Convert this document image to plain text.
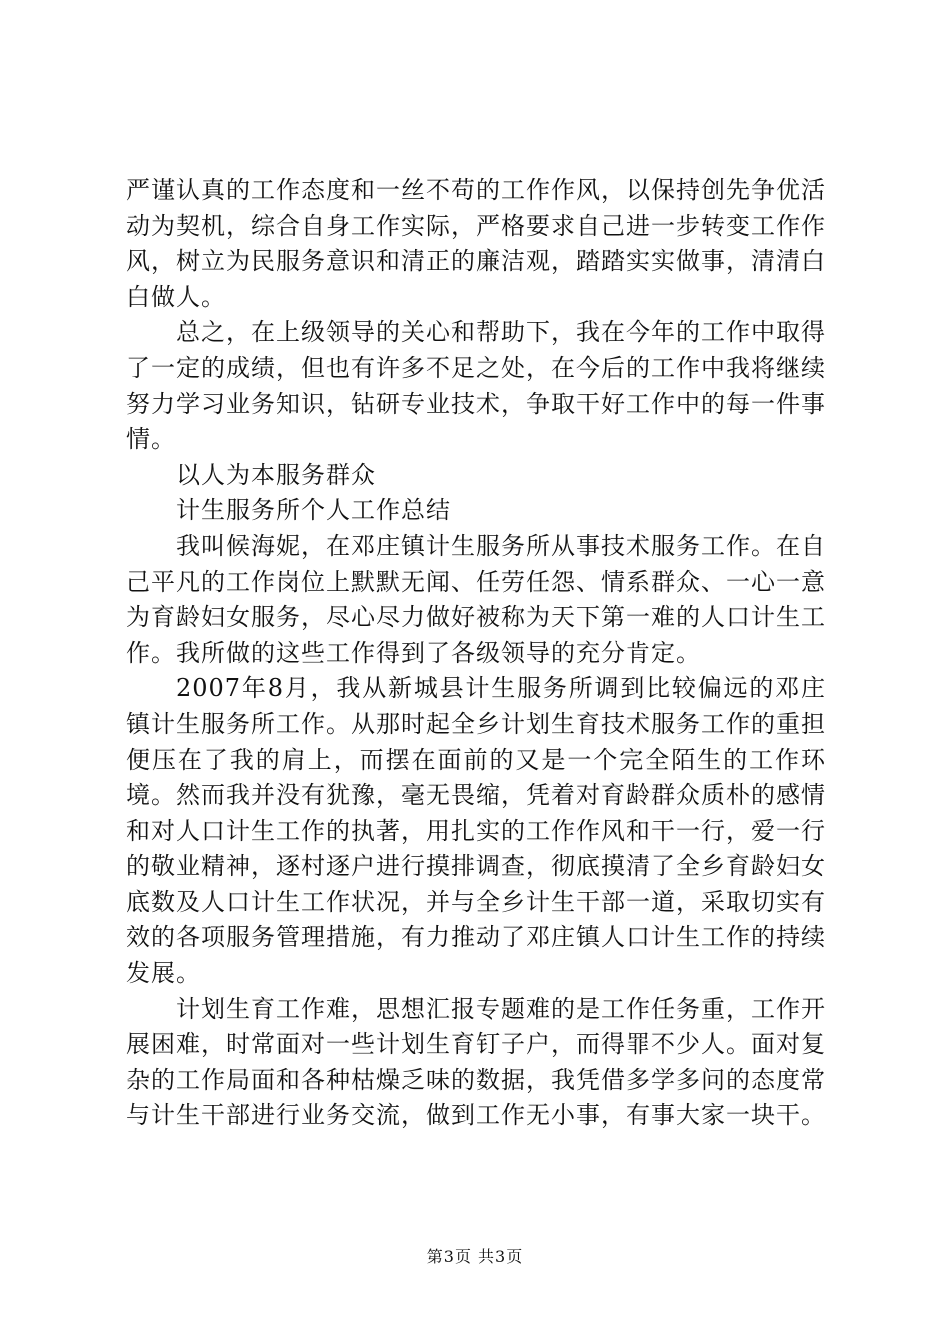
严谨认真的工作态度和一丝不苟的工作作风，以保持创先争优活动为契机，综合自身工作实际，严格要求自己进一步转变工作作风，树立为民服务意识和清正的廉洁观，踏踏实实做事，清清白白做人。

总之，在上级领导的关心和帮助下，我在今年的工作中取得了一定的成绩，但也有许多不足之处，在今后的工作中我将继续努力学习业务知识，钻研专业技术，争取干好工作中的每一件事情。

以人为本服务群众

计生服务所个人工作总结

我叫候海妮，在邓庄镇计生服务所从事技术服务工作。在自己平凡的工作岗位上默默无闻、任劳任怨、情系群众、一心一意为育龄妇女服务，尽心尽力做好被称为天下第一难的人口计生工作。我所做的这些工作得到了各级领导的充分肯定。

2007年8月，我从新城县计生服务所调到比较偏远的邓庄镇计生服务所工作。从那时起全乡计划生育技术服务工作的重担便压在了我的肩上，而摆在面前的又是一个完全陌生的工作环境。然而我并没有犹豫，毫无畏缩，凭着对育龄群众质朴的感情和对人口计生工作的执著，用扎实的工作作风和干一行，爱一行的敬业精神，逐村逐户进行摸排调查，彻底摸清了全乡育龄妇女底数及人口计生工作状况，并与全乡计生干部一道，采取切实有效的各项服务管理措施，有力推动了邓庄镇人口计生工作的持续发展。

计划生育工作难，思想汇报专题难的是工作任务重，工作开展困难，时常面对一些计划生育钉子户，而得罪不少人。面对复杂的工作局面和各种枯燥乏味的数据，我凭借多学多问的态度常与计生干部进行业务交流，做到工作无小事，有事大家一块干。

第3页 共3页
